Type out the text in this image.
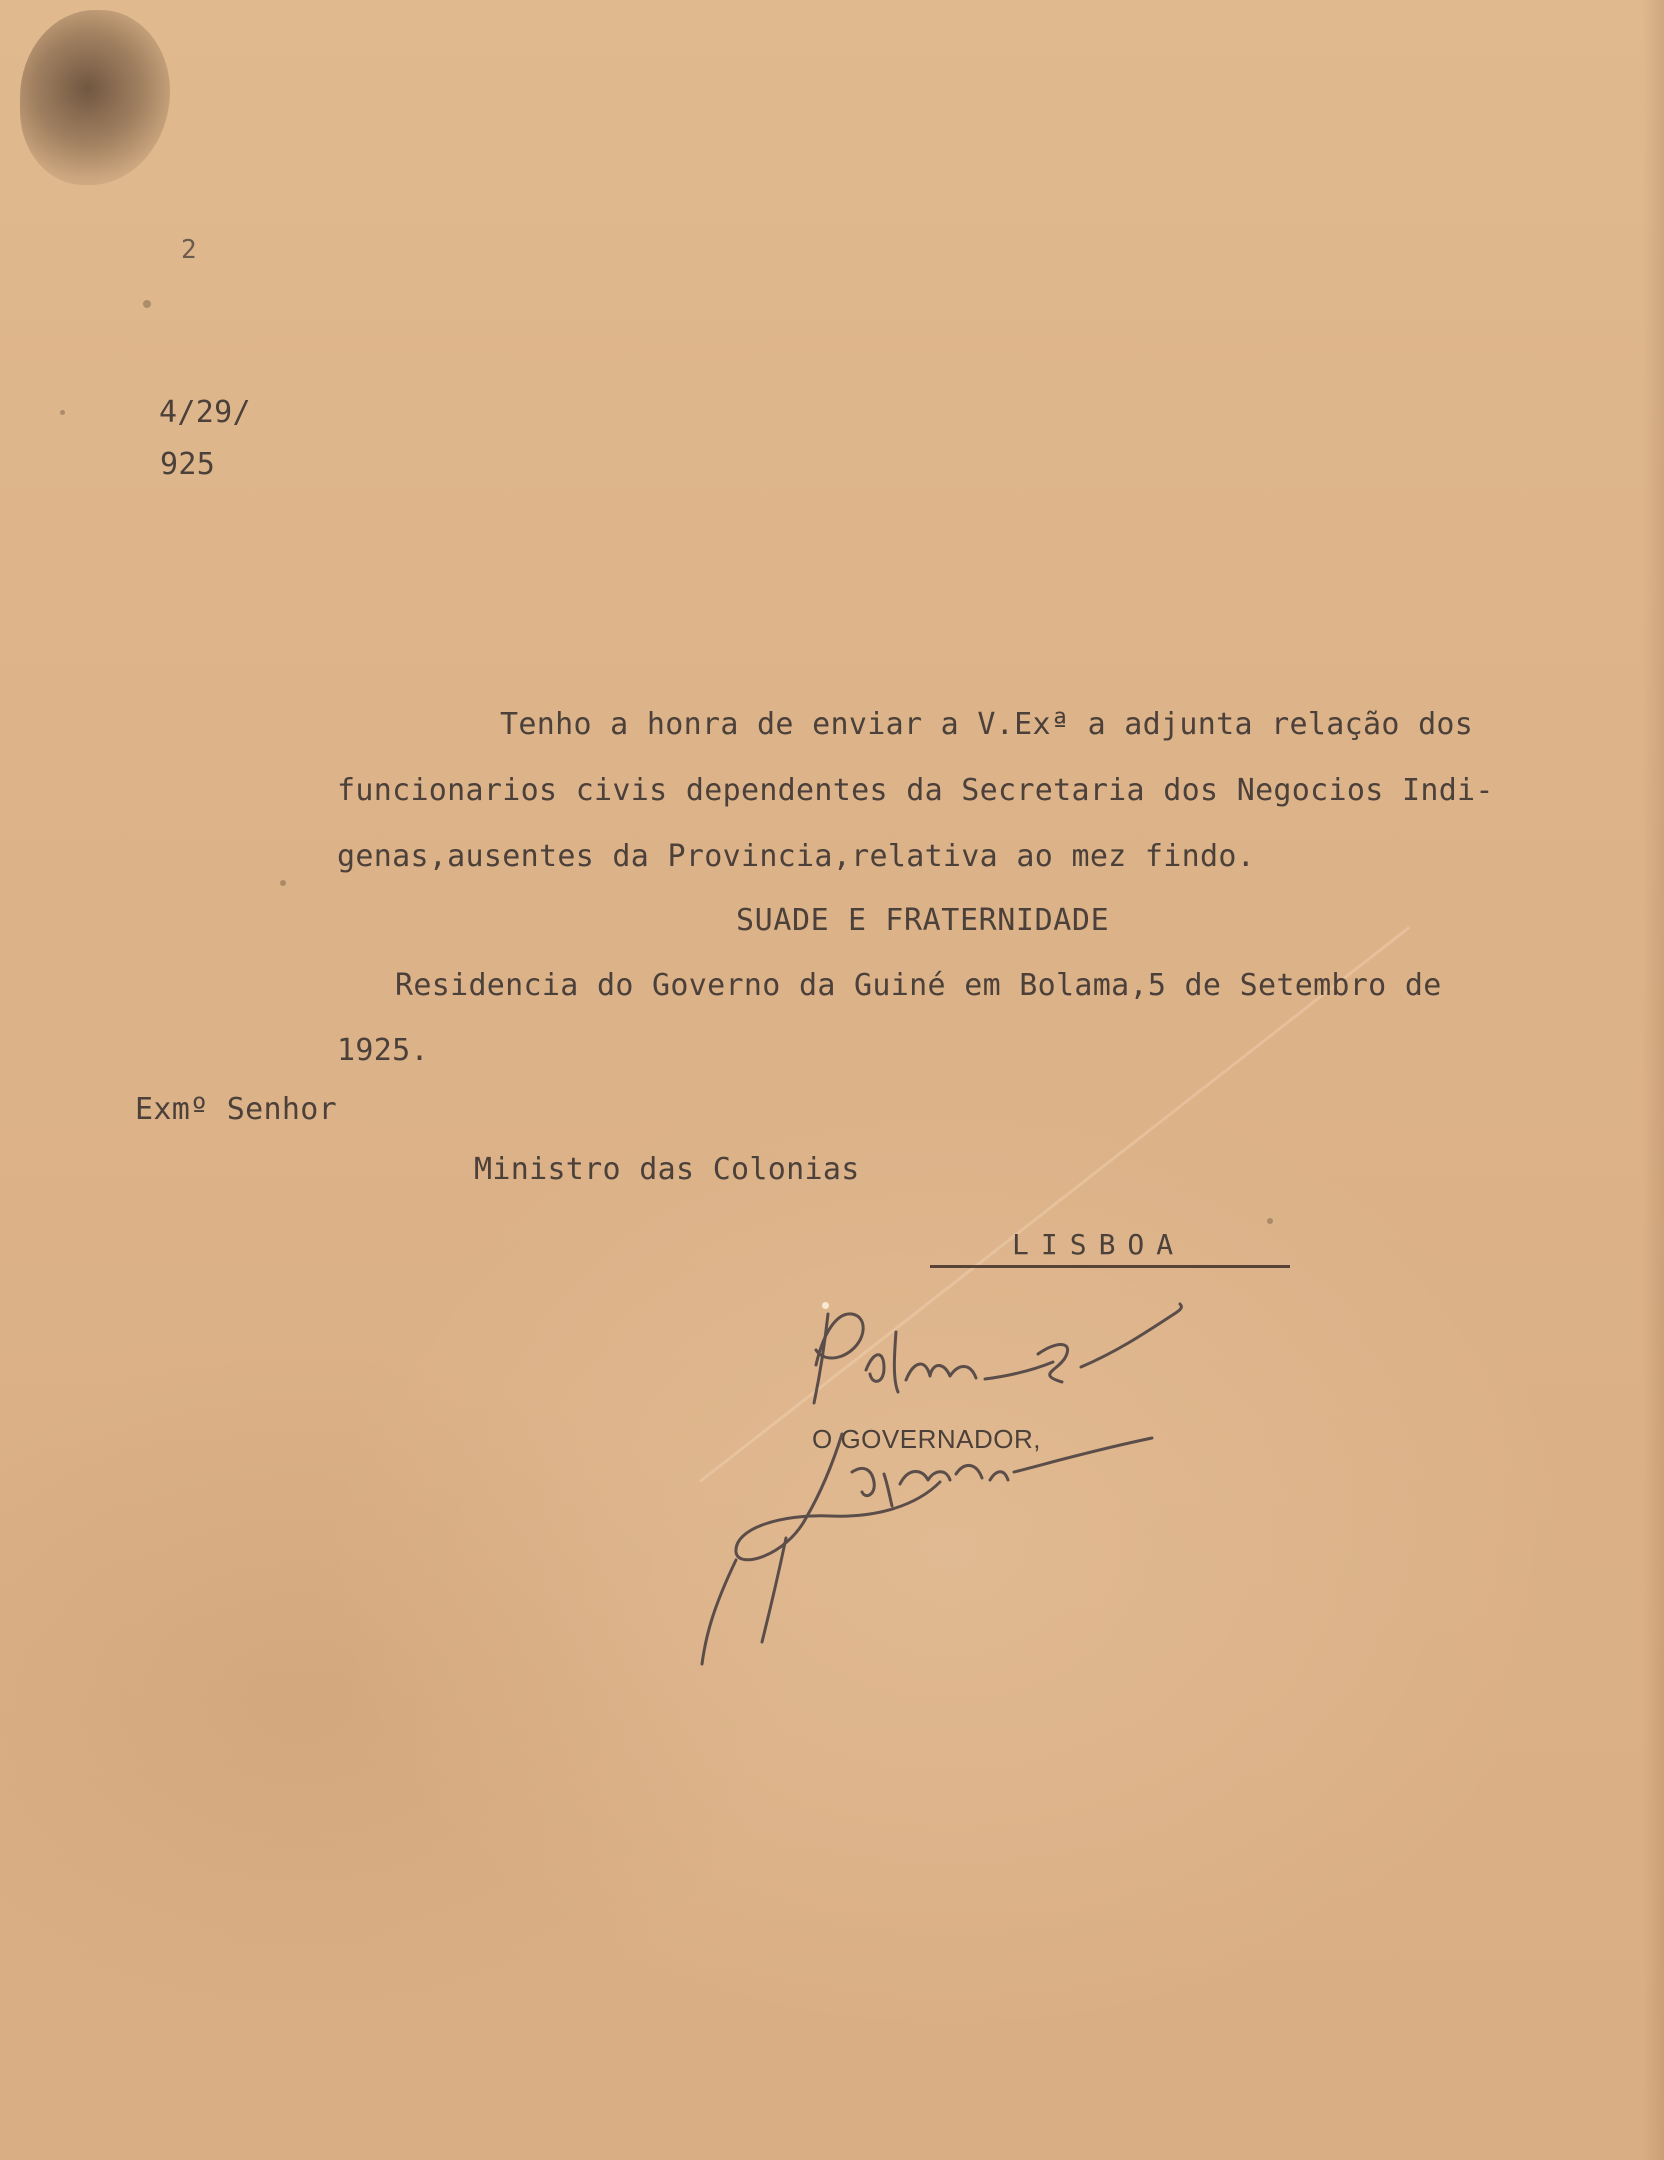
2

4/29/

925

Tenho a honra de enviar a V.Exª a adjunta relação dos

funcionarios civis dependentes da Secretaria dos Negocios Indi-

genas,ausentes da Provincia,relativa ao mez findo.

SUADE E FRATERNIDADE

Residencia do Governo da Guiné em Bolama,5 de Setembro de

1925.

Exmº Senhor

Ministro das Colonias

LISBOA

O GOVERNADOR,
